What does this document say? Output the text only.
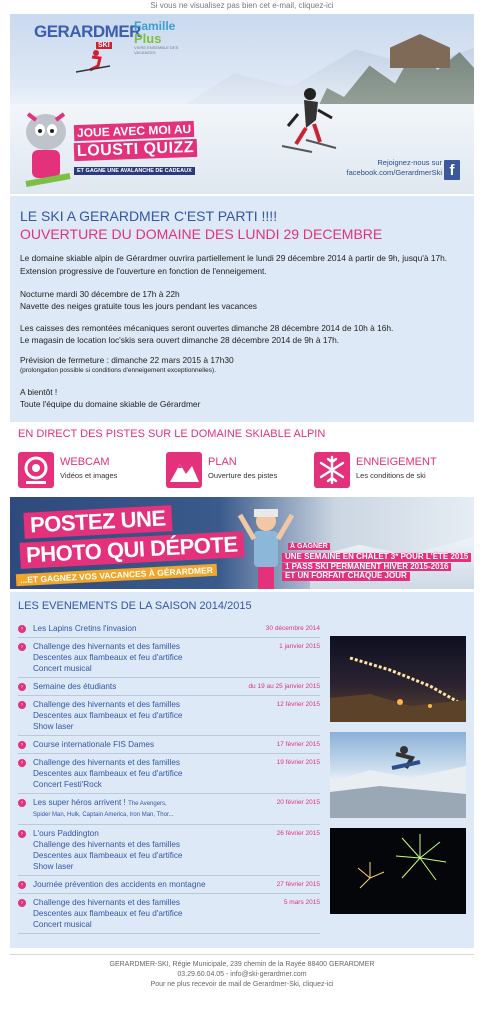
Si vous ne visualisez pas bien cet e-mail, cliquez-ici
GERARDMER
SKI
Famille
Plus
VIVRE ENSEMBLE DES VACANCES
JOUE AVEC MOI AU
LOUSTI QUIZZ
ET GAGNE UNE AVALANCHE DE CADEAUX
Rejoignez-nous sur
facebook.com/GerardmerSki f
LE SKI A GERARDMER C'EST PARTI !!!!
OUVERTURE DU DOMAINE DES LUNDI 29 DECEMBRE
Le domaine skiable alpin de Gérardmer ouvrira partiellement le lundi 29 décembre 2014 à partir de 9h, jusqu'à 17h. Extension progressive de l'ouverture en fonction de l'enneigement.
Nocturne mardi 30 décembre de 17h à 22h
Navette des neiges gratuite tous les jours pendant les vacances
Les caisses des remontées mécaniques seront ouvertes dimanche 28 décembre 2014 de 10h à 16h.
Le magasin de location loc'skis sera ouvert dimanche 28 décembre 2014 de 9h à 17h.
Prévision de fermeture : dimanche 22 mars 2015 à 17h30
(prolongation possible si conditions d'enneigement exceptionnelles).
A bientôt !
Toute l'équipe du domaine skiable de Gérardmer
EN DIRECT DES PISTES SUR LE DOMAINE SKIABLE ALPIN
WEBCAM
Vidéos et images
PLAN
Ouverture des pistes
ENNEIGEMENT
Les conditions de ski
POSTEZ UNE
PHOTO QUI DÉPOTE
...ET GAGNEZ VOS VACANCES À GÉRARDMER
À GAGNER
UNE SEMAINE EN CHALET 3* POUR L'ÉTÉ 2015
1 PASS SKI PERMANENT HIVER 2015-2016
ET UN FORFAIT CHAQUE JOUR
LES EVENEMENTS DE LA SAISON 2014/2015
›	Les Lapins Cretins l'invasion	30 décembre 2014
›	Challenge des hivernants et des familles
Descentes aux flambeaux et feu d'artifice
Concert musical
1 janvier 2015
›	Semaine des étudiants	du 19 au 25 janvier 2015
›	Challenge des hivernants et des familles
Descentes aux flambeaux et feu d'artifice
Show laser
12 février 2015
›	Course internationale FIS Dames	17 février 2015
›	Challenge des hivernants et des familles
Descentes aux flambeaux et feu d'artifice
Concert Festi'Rock
19 février 2015
›	Les super héros arrivent ! The Avengers,
Spider Man, Hulk, Captain America, Iron Man, Thor...
20 février 2015
›	L'ours Paddington
Challenge des hivernants et des familles
Descentes aux flambeaux et feu d'artifice
Show laser
26 février 2015
›	Journée prévention des accidents en montagne	27 février 2015
›	Challenge des hivernants et des familles
Descentes aux flambeaux et feu d'artifice
Concert musical
5 mars 2015
GERARDMER-SKI, Régie Municipale, 239 chemin de la Rayée 88400 GERARDMER
03.29.60.04.05 - info@ski-gerardmer.com
Pour ne plus recevoir de mail de Gerardmer-Ski, cliquez-ici
